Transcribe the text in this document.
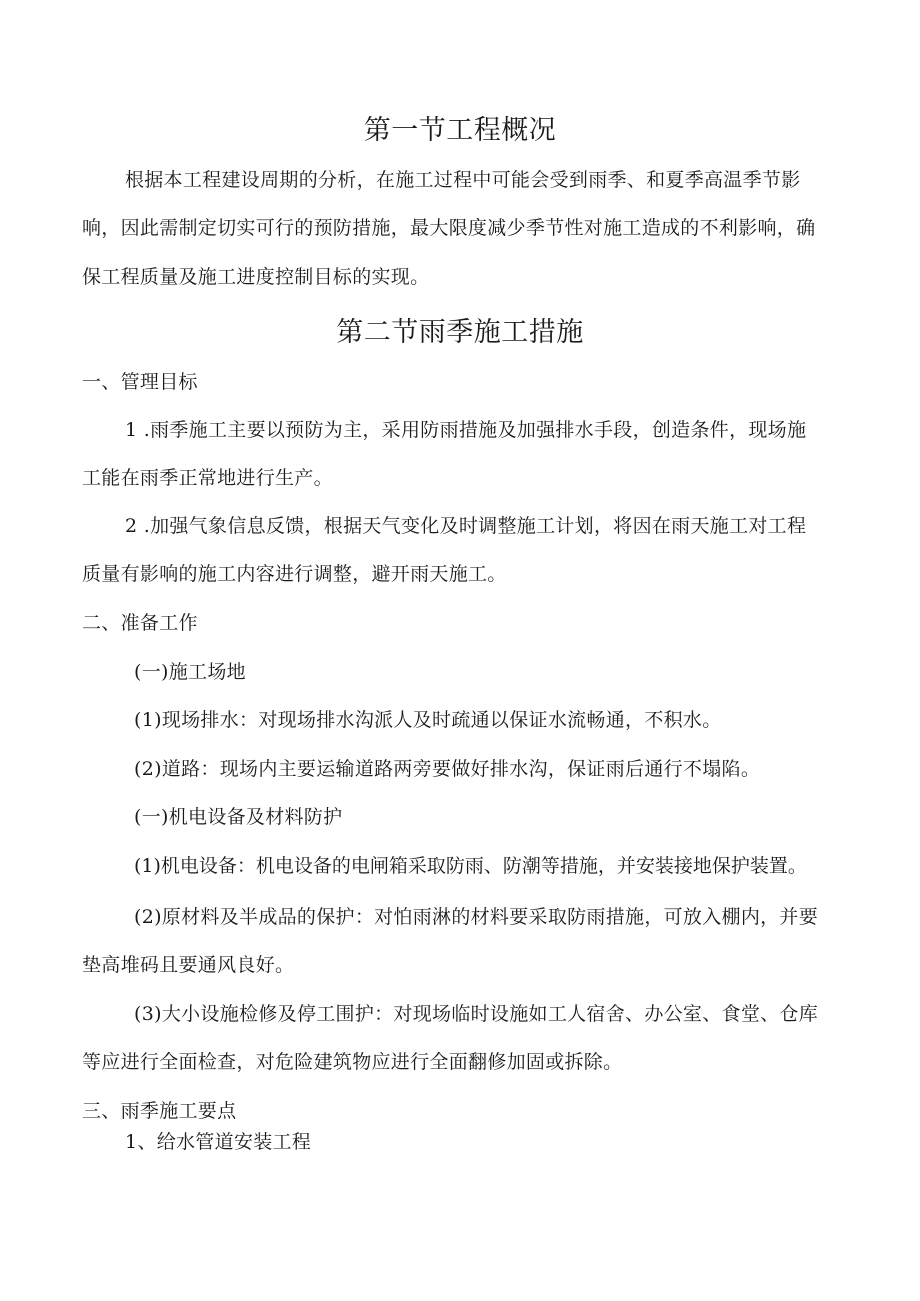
第一节工程概况
根据本工程建设周期的分析，在施工过程中可能会受到雨季、和夏季高温季节影
响，因此需制定切实可行的预防措施，最大限度减少季节性对施工造成的不利影响，确
保工程质量及施工进度控制目标的实现。
第二节雨季施工措施
一、管理目标
1 .雨季施工主要以预防为主，采用防雨措施及加强排水手段，创造条件，现场施
工能在雨季正常地进行生产。
2 .加强气象信息反馈，根据天气变化及时调整施工计划，将因在雨天施工对工程
质量有影响的施工内容进行调整，避开雨天施工。
二、准备工作
(一)施工场地
(1)现场排水：对现场排水沟派人及时疏通以保证水流畅通，不积水。
(2)道路：现场内主要运输道路两旁要做好排水沟，保证雨后通行不塌陷。
(一)机电设备及材料防护
(1)机电设备：机电设备的电闸箱采取防雨、防潮等措施，并安装接地保护装置。
(2)原材料及半成品的保护：对怕雨淋的材料要采取防雨措施，可放入棚内，并要
垫高堆码且要通风良好。
(3)大小设施检修及停工围护：对现场临时设施如工人宿舍、办公室、食堂、仓库
等应进行全面检查，对危险建筑物应进行全面翻修加固或拆除。
三、雨季施工要点
1、给水管道安装工程
